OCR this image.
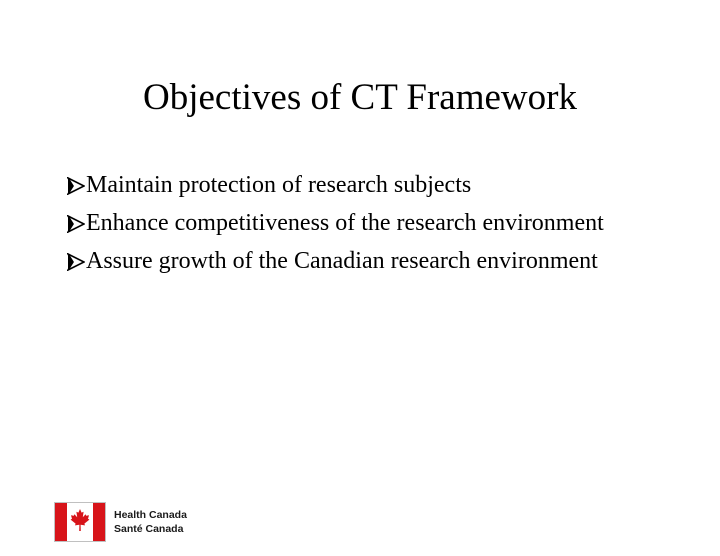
Objectives of CT Framework
Maintain protection of research subjects
Enhance competitiveness of the research environment
Assure growth of the Canadian research environment
Health Canada
Santé Canada
